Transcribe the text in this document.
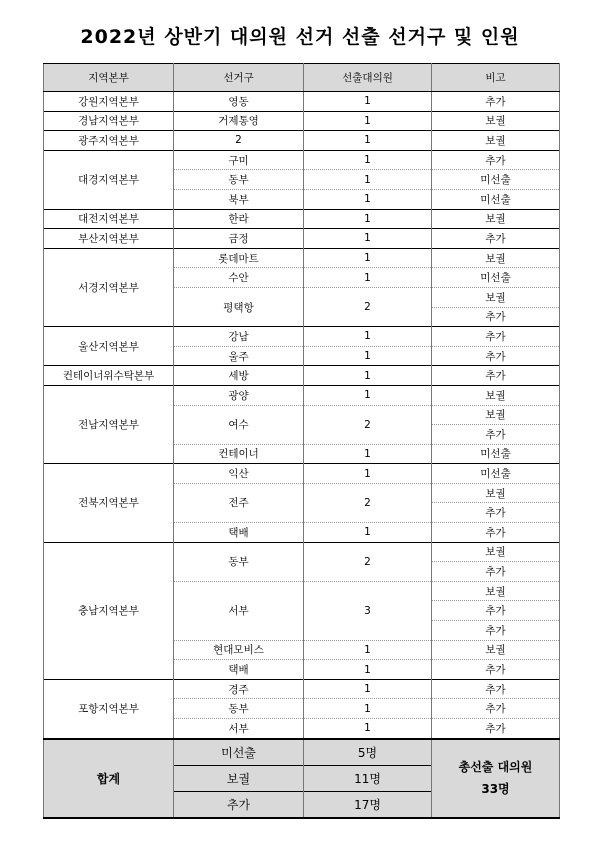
2022년 상반기 대의원 선거 선출 선거구 및 인원
지역본부	선거구	선출대의원	비고
강원지역본부	영동	1	추가
경남지역본부	거제통영	1	보궐
광주지역본부	2	1	보궐
대경지역본부	구미	1	추가
	동부	1	미선출
	북부	1	미선출
대전지역본부	한라	1	보궐
부산지역본부	금정	1	추가
서경지역본부	롯데마트	1	보궐
	수안	1	미선출
	평택항	2	보궐
			추가
울산지역본부	강남	1	추가
	울주	1	추가
컨테이너위수탁본부	세방	1	추가
전남지역본부	광양	1	보궐
	여수	2	보궐
			추가
	컨테이너	1	미선출
전북지역본부	익산	1	미선출
	전주	2	보궐
			추가
	택배	1	추가
충남지역본부	동부	2	보궐
			추가
	서부	3	보궐
			추가
			추가
	현대모비스	1	보궐
	택배	1	추가
포항지역본부	경주	1	추가
	동부	1	추가
	서부	1	추가
합계	미선출	5명	총선출 대의원
33명

	보궐	11명	
	추가	17명	
